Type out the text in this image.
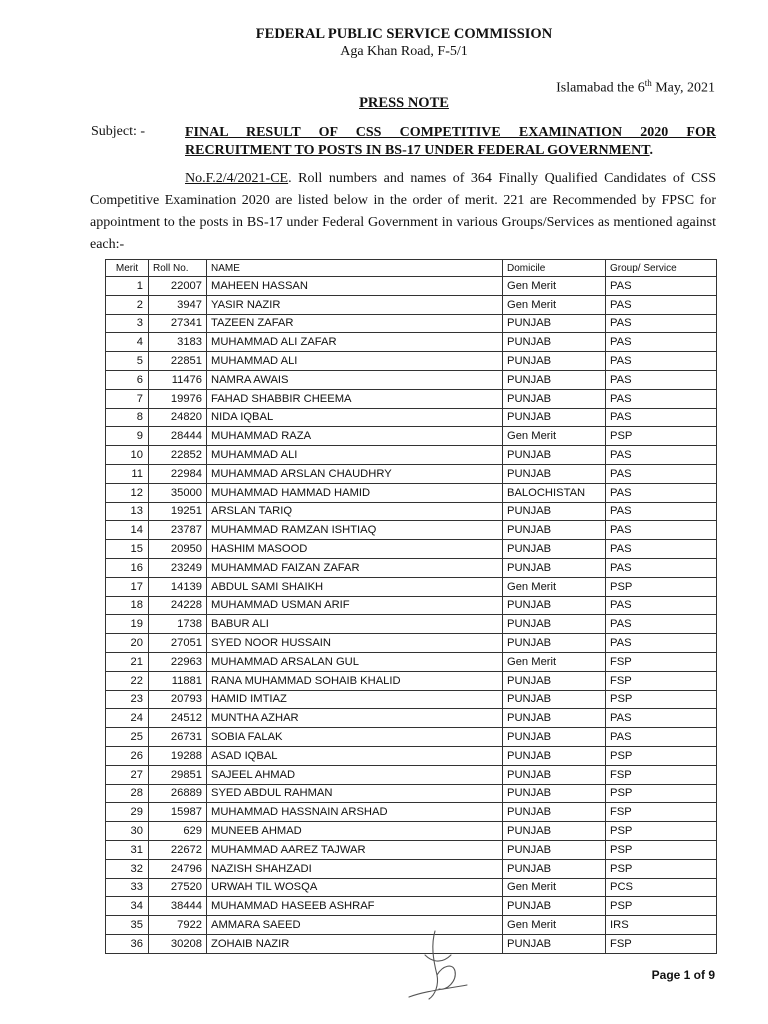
FEDERAL PUBLIC SERVICE COMMISSION
Aga Khan Road, F-5/1
Islamabad the 6th May, 2021
PRESS NOTE
Subject: -	FINAL RESULT OF CSS COMPETITIVE EXAMINATION 2020 FOR RECRUITMENT TO POSTS IN BS-17 UNDER FEDERAL GOVERNMENT.
No.F.2/4/2021-CE. Roll numbers and names of 364 Finally Qualified Candidates of CSS Competitive Examination 2020 are listed below in the order of merit. 221 are Recommended by FPSC for appointment to the posts in BS-17 under Federal Government in various Groups/Services as mentioned against each:-
Merit	Roll No.	NAME	Domicile	Group/ Service
1	22007	MAHEEN HASSAN	Gen Merit	PAS
2	3947	YASIR NAZIR	Gen Merit	PAS
3	27341	TAZEEN ZAFAR	PUNJAB	PAS
4	3183	MUHAMMAD ALI ZAFAR	PUNJAB	PAS
5	22851	MUHAMMAD ALI	PUNJAB	PAS
6	11476	NAMRA AWAIS	PUNJAB	PAS
7	19976	FAHAD SHABBIR CHEEMA	PUNJAB	PAS
8	24820	NIDA IQBAL	PUNJAB	PAS
9	28444	MUHAMMAD RAZA	Gen Merit	PSP
10	22852	MUHAMMAD ALI	PUNJAB	PAS
11	22984	MUHAMMAD ARSLAN CHAUDHRY	PUNJAB	PAS
12	35000	MUHAMMAD HAMMAD HAMID	BALOCHISTAN	PAS
13	19251	ARSLAN TARIQ	PUNJAB	PAS
14	23787	MUHAMMAD RAMZAN ISHTIAQ	PUNJAB	PAS
15	20950	HASHIM MASOOD	PUNJAB	PAS
16	23249	MUHAMMAD FAIZAN ZAFAR	PUNJAB	PAS
17	14139	ABDUL SAMI SHAIKH	Gen Merit	PSP
18	24228	MUHAMMAD USMAN ARIF	PUNJAB	PAS
19	1738	BABUR ALI	PUNJAB	PAS
20	27051	SYED NOOR HUSSAIN	PUNJAB	PAS
21	22963	MUHAMMAD ARSALAN GUL	Gen Merit	FSP
22	11881	RANA MUHAMMAD SOHAIB KHALID	PUNJAB	FSP
23	20793	HAMID IMTIAZ	PUNJAB	PSP
24	24512	MUNTHA AZHAR	PUNJAB	PAS
25	26731	SOBIA FALAK	PUNJAB	PAS
26	19288	ASAD IQBAL	PUNJAB	PSP
27	29851	SAJEEL AHMAD	PUNJAB	FSP
28	26889	SYED ABDUL RAHMAN	PUNJAB	PSP
29	15987	MUHAMMAD HASSNAIN ARSHAD	PUNJAB	FSP
30	629	MUNEEB AHMAD	PUNJAB	PSP
31	22672	MUHAMMAD AAREZ TAJWAR	PUNJAB	PSP
32	24796	NAZISH SHAHZADI	PUNJAB	PSP
33	27520	URWAH TIL WOSQA	Gen Merit	PCS
34	38444	MUHAMMAD HASEEB ASHRAF	PUNJAB	PSP
35	7922	AMMARA SAEED	Gen Merit	IRS
36	30208	ZOHAIB NAZIR	PUNJAB	FSP
Page 1 of 9
